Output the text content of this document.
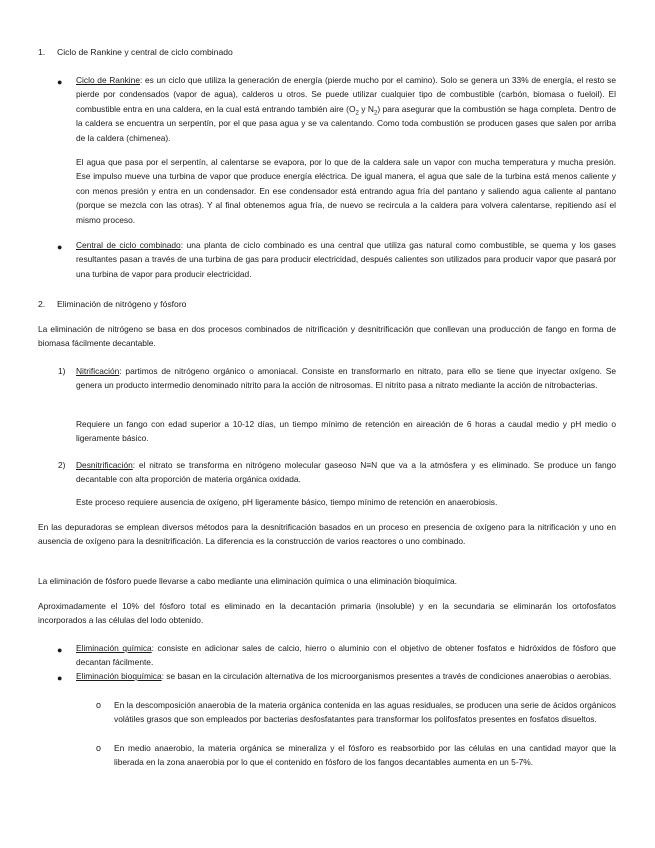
1. Ciclo de Rankine y central de ciclo combinado
● Ciclo de Rankine: es un ciclo que utiliza la generación de energía (pierde mucho por el camino). Solo se genera un 33% de energía, el resto se pierde por condensados (vapor de agua), calderos u otros. Se puede utilizar cualquier tipo de combustible (carbón, biomasa o fueloil). El combustible entra en una caldera, en la cual está entrando también aire ($O_2$ y $N_2$) para asegurar que la combustión se haga completa. Dentro de la caldera se encuentra un serpentín, por el que pasa agua y se va calentando. Como toda combustión se producen gases que salen por arriba de la caldera (chimenea).
El agua que pasa por el serpentín, al calentarse se evapora, por lo que de la caldera sale un vapor con mucha temperatura y mucha presión. Ese impulso mueve una turbina de vapor que produce energía eléctrica. De igual manera, el agua que sale de la turbina está menos caliente y con menos presión y entra en un condensador. En ese condensador está entrando agua fría del pantano y saliendo agua caliente al pantano (porque se mezcla con las otras). Y al final obtenemos agua fría, de nuevo se recircula a la caldera para volvera calentarse, repitiendo así el mismo proceso.
● Central de ciclo combinado: una planta de ciclo combinado es una central que utiliza gas natural como combustible, se quema y los gases resultantes pasan a través de una turbina de gas para producir electricidad, después calientes son utilizados para producir vapor que pasará por una turbina de vapor para producir electricidad.
2. Eliminación de nitrógeno y fósforo
La eliminación de nitrógeno se basa en dos procesos combinados de nitrificación y desnitrificación que conllevan una producción de fango en forma de biomasa fácilmente decantable.
1) Nitrificación: partimos de nitrógeno orgánico o amoniacal. Consiste en transformarlo en nitrato, para ello se tiene que inyectar oxígeno. Se genera un producto intermedio denominado nitrito para la acción de nitrosomas. El nitrito pasa a nitrato mediante la acción de nitrobacterias.
Requiere un fango con edad superior a 10-12 días, un tiempo mínimo de retención en aireación de 6 horas a caudal medio y pH medio o ligeramente básico.
2) Desnitrificación: el nitrato se transforma en nitrógeno molecular gaseoso N≡N que va a la atmósfera y es eliminado. Se produce un fango decantable con alta proporción de materia orgánica oxidada.
Este proceso requiere ausencia de oxígeno, pH ligeramente básico, tiempo mínimo de retención en anaerobiosis.
En las depuradoras se emplean diversos métodos para la desnitrificación basados en un proceso en presencia de oxígeno para la nitrificación y uno en ausencia de oxígeno para la desnitrificación. La diferencia es la construcción de varios reactores o uno combinado.
La eliminación de fósforo puede llevarse a cabo mediante una eliminación química o una eliminación bioquímica.
Aproximadamente el 10% del fósforo total es eliminado en la decantación primaria (insoluble) y en la secundaria se eliminarán los ortofosfatos incorporados a las células del lodo obtenido.
● Eliminación química: consiste en adicionar sales de calcio, hierro o aluminio con el objetivo de obtener fosfatos e hidróxidos de fósforo que decantan fácilmente.
● Eliminación bioquímica: se basan en la circulación alternativa de los microorganismos presentes a través de condiciones anaerobias o aerobias.
o En la descomposición anaerobia de la materia orgánica contenida en las aguas residuales, se producen una serie de ácidos orgánicos volátiles grasos que son empleados por bacterias desfosfatantes para transformar los polifosfatos presentes en fosfatos disueltos.
o En medio anaerobio, la materia orgánica se mineraliza y el fósforo es reabsorbido por las células en una cantidad mayor que la liberada en la zona anaerobia por lo que el contenido en fósforo de los fangos decantables aumenta en un 5-7%.
